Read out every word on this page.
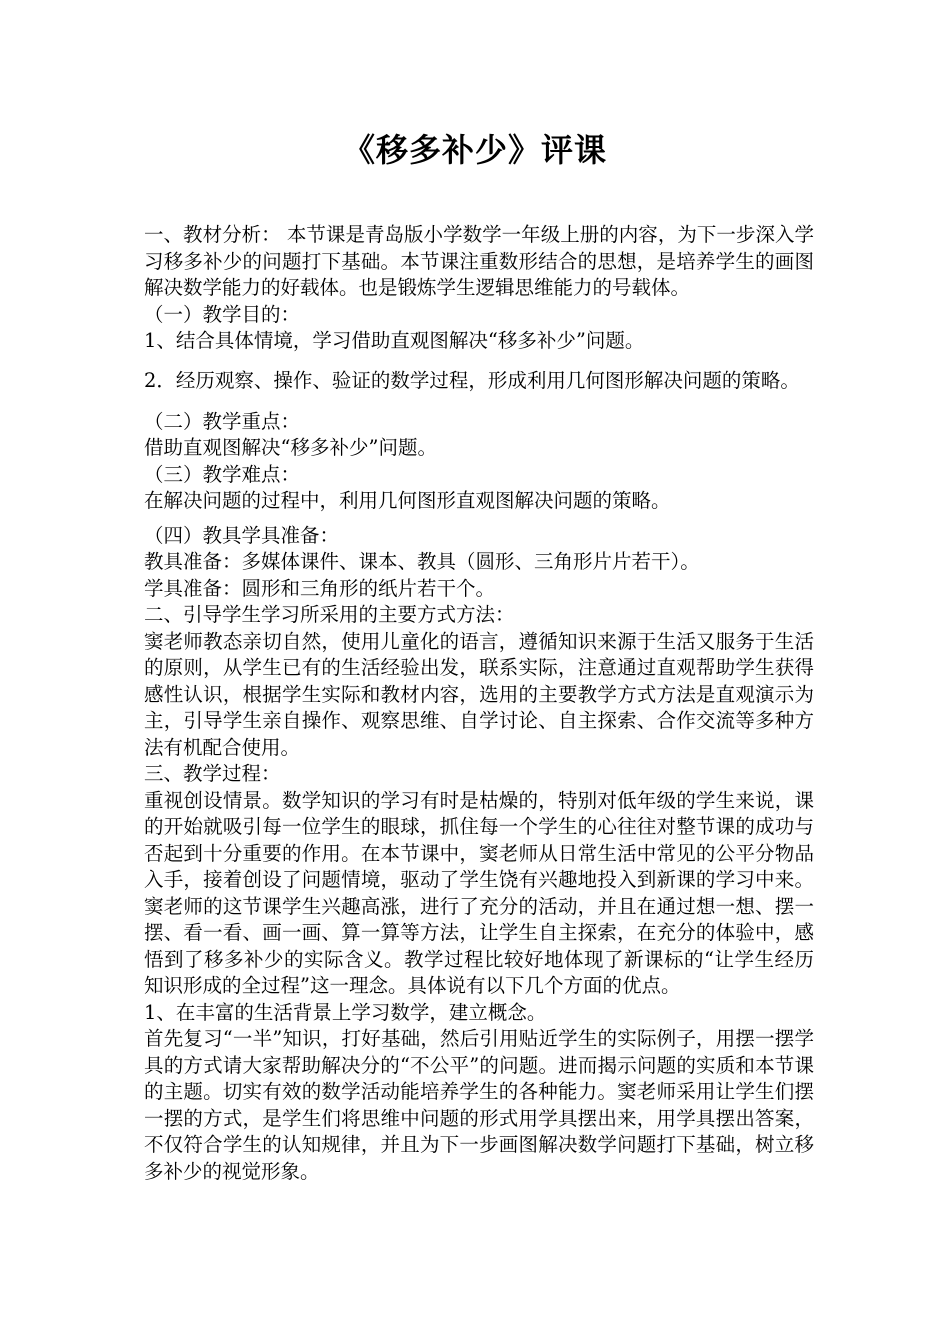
《移多补少》评课

一、教材分析： 本节课是青岛版小学数学一年级上册的内容，为下一步深入学习移多补少的问题打下基础。本节课注重数形结合的思想，是培养学生的画图解决数学能力的好载体。也是锻炼学生逻辑思维能力的号载体。

（一）教学目的：

1、结合具体情境，学习借助直观图解决“移多补少”问题。

2．经历观察、操作、验证的数学过程，形成利用几何图形解决问题的策略。

（二）教学重点：

借助直观图解决“移多补少”问题。

（三）教学难点：

在解决问题的过程中，利用几何图形直观图解决问题的策略。

（四）教具学具准备：

教具准备：多媒体课件、课本、教具（圆形、三角形片片若干）。

学具准备：圆形和三角形的纸片若干个。

二、引导学生学习所采用的主要方式方法：

窦老师教态亲切自然，使用儿童化的语言，遵循知识来源于生活又服务于生活的原则，从学生已有的生活经验出发，联系实际，注意通过直观帮助学生获得感性认识，根据学生实际和教材内容，选用的主要教学方式方法是直观演示为主，引导学生亲自操作、观察思维、自学讨论、自主探索、合作交流等多种方法有机配合使用。

三、教学过程：

重视创设情景。数学知识的学习有时是枯燥的，特别对低年级的学生来说，课的开始就吸引每一位学生的眼球，抓住每一个学生的心往往对整节课的成功与否起到十分重要的作用。在本节课中，窦老师从日常生活中常见的公平分物品入手，接着创设了问题情境，驱动了学生饶有兴趣地投入到新课的学习中来。窦老师的这节课学生兴趣高涨，进行了充分的活动，并且在通过想一想、摆一摆、看一看、画一画、算一算等方法，让学生自主探索，在充分的体验中，感悟到了移多补少的实际含义。教学过程比较好地体现了新课标的“让学生经历知识形成的全过程”这一理念。具体说有以下几个方面的优点。

1、在丰富的生活背景上学习数学，建立概念。

首先复习“一半”知识，打好基础，然后引用贴近学生的实际例子，用摆一摆学具的方式请大家帮助解决分的“不公平”的问题。进而揭示问题的实质和本节课的主题。切实有效的数学活动能培养学生的各种能力。窦老师采用让学生们摆一摆的方式，是学生们将思维中问题的形式用学具摆出来，用学具摆出答案，不仅符合学生的认知规律，并且为下一步画图解决数学问题打下基础，树立移多补少的视觉形象。
